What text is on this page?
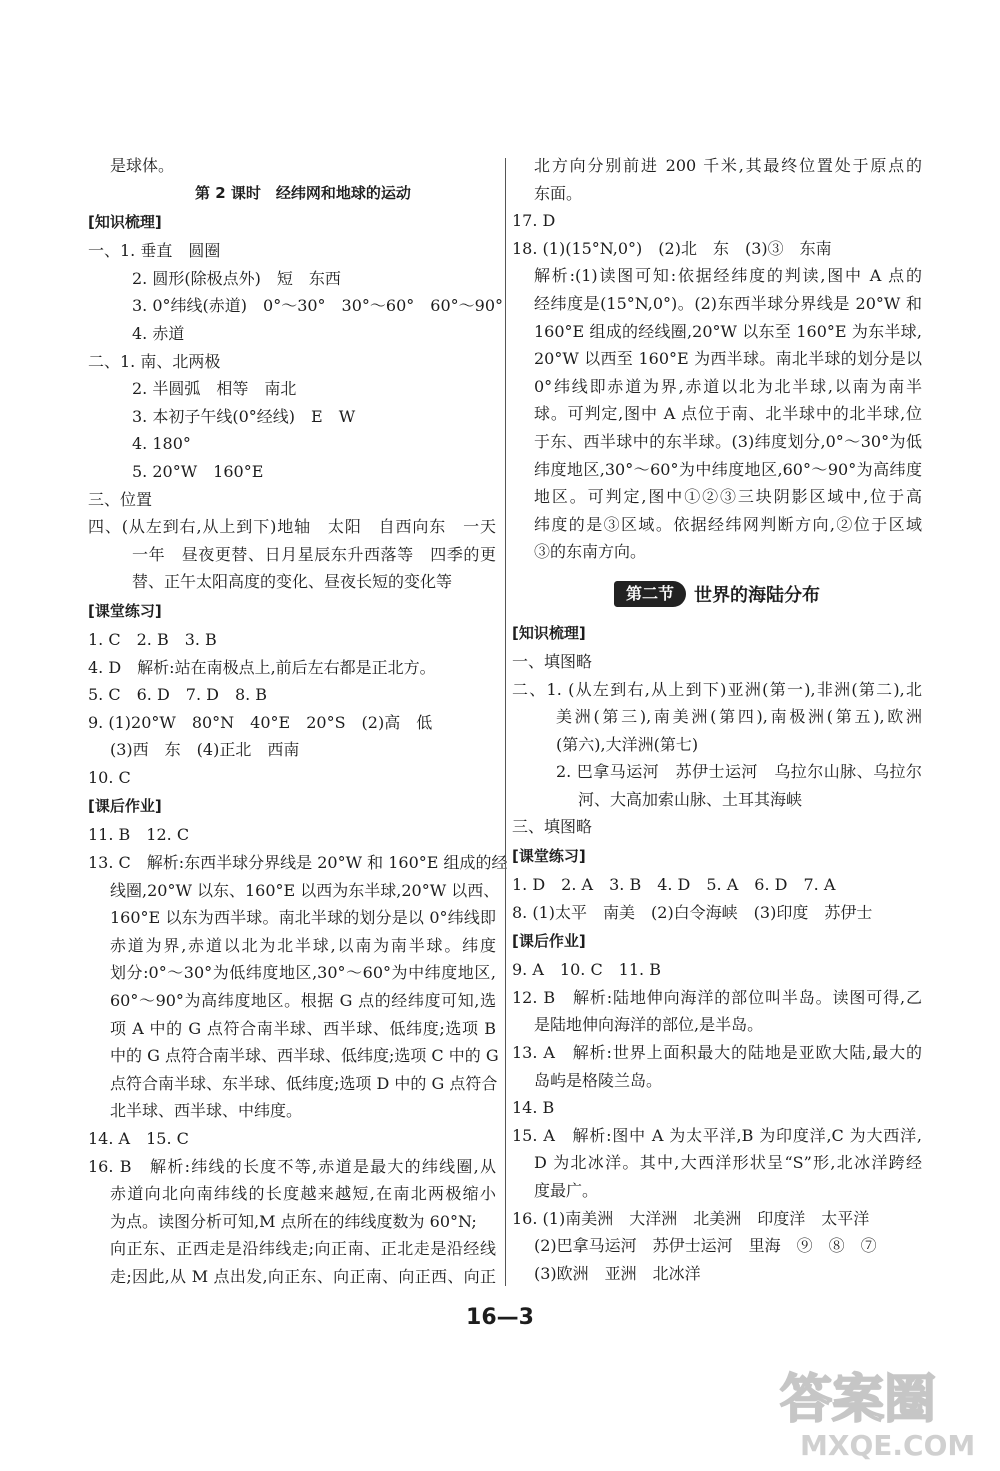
是球体。
第 2 课时　经纬网和地球的运动
[知识梳理]
一、1. 垂直　圆圈
2. 圆形(除极点外)　短　东西
3. 0°纬线(赤道)　0°～30°　30°～60°　60°～90°
4. 赤道
二、1. 南、北两极
2. 半圆弧　相等　南北
3. 本初子午线(0°经线)　E　W
4. 180°
5. 20°W　160°E
三、位置
四、(从左到右,从上到下)地轴　太阳　自西向东　一天
一年　昼夜更替、日月星辰东升西落等　四季的更
替、正午太阳高度的变化、昼夜长短的变化等
[课堂练习]
1. C　2. B　3. B
4. D　解析:站在南极点上,前后左右都是正北方。
5. C　6. D　7. D　8. B
9. (1)20°W　80°N　40°E　20°S　(2)高　低
(3)西　东　(4)正北　西南
10. C
[课后作业]
11. B　12. C
13. C　解析:东西半球分界线是 20°W 和 160°E 组成的经
线圈,20°W 以东、160°E 以西为东半球,20°W 以西、
160°E 以东为西半球。南北半球的划分是以 0°纬线即
赤道为界,赤道以北为北半球,以南为南半球。纬度
划分:0°～30°为低纬度地区,30°～60°为中纬度地区,
60°～90°为高纬度地区。根据 G 点的经纬度可知,选
项 A 中的 G 点符合南半球、西半球、低纬度;选项 B
中的 G 点符合南半球、西半球、低纬度;选项 C 中的 G
点符合南半球、东半球、低纬度;选项 D 中的 G 点符合
北半球、西半球、中纬度。
14. A　15. C
16. B　解析:纬线的长度不等,赤道是最大的纬线圈,从
赤道向北向南纬线的长度越来越短,在南北两极缩小
为点。读图分析可知,M 点所在的纬线度数为 60°N;
向正东、正西走是沿纬线走;向正南、正北走是沿经线
走;因此,从 M 点出发,向正东、向正南、向正西、向正
北方向分别前进 200 千米,其最终位置处于原点的
东面。
17. D
18. (1)(15°N,0°)　(2)北　东　(3)③　东南
解析:(1)读图可知:依据经纬度的判读,图中 A 点的
经纬度是(15°N,0°)。(2)东西半球分界线是 20°W 和
160°E 组成的经线圈,20°W 以东至 160°E 为东半球,
20°W 以西至 160°E 为西半球。南北半球的划分是以
0°纬线即赤道为界,赤道以北为北半球,以南为南半
球。可判定,图中 A 点位于南、北半球中的北半球,位
于东、西半球中的东半球。(3)纬度划分,0°～30°为低
纬度地区,30°～60°为中纬度地区,60°～90°为高纬度
地区。可判定,图中①②③三块阴影区域中,位于高
纬度的是③区域。依据经纬网判断方向,②位于区域
③的东南方向。
第二节	世界的海陆分布
[知识梳理]
一、填图略
二、1. (从左到右,从上到下)亚洲(第一),非洲(第二),北
美洲(第三),南美洲(第四),南极洲(第五),欧洲
(第六),大洋洲(第七)
2. 巴拿马运河　苏伊士运河　乌拉尔山脉、乌拉尔
河、大高加索山脉、土耳其海峡
三、填图略
[课堂练习]
1. D　2. A　3. B　4. D　5. A　6. D　7. A
8. (1)太平　南美　(2)白令海峡　(3)印度　苏伊士
[课后作业]
9. A　10. C　11. B
12. B　解析:陆地伸向海洋的部位叫半岛。读图可得,乙
是陆地伸向海洋的部位,是半岛。
13. A　解析:世界上面积最大的陆地是亚欧大陆,最大的
岛屿是格陵兰岛。
14. B
15. A　解析:图中 A 为太平洋,B 为印度洋,C 为大西洋,
D 为北冰洋。其中,大西洋形状呈“S”形,北冰洋跨经
度最广。
16. (1)南美洲　大洋洲　北美洲　印度洋　太平洋
(2)巴拿马运河　苏伊士运河　里海　⑨　⑧　⑦
(3)欧洲　亚洲　北冰洋
16—3
答案圈
MXQE.COM
